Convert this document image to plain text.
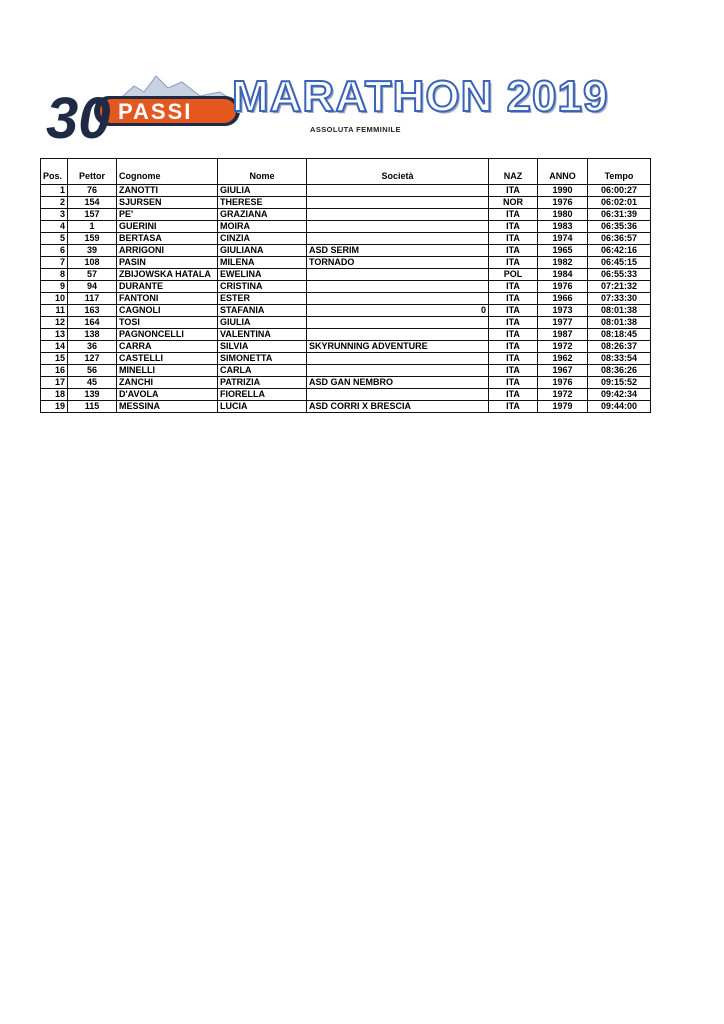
30 PASSI MARATHON 2019
ASSOLUTA FEMMINILE
Pos.	Pettor	Cognome	Nome	Società	NAZ	ANNO	Tempo
1	76	ZANOTTI	GIULIA		ITA	1990	06:00:27
2	154	SJURSEN	THERESE		NOR	1976	06:02:01
3	157	PE'	GRAZIANA		ITA	1980	06:31:39
4	1	GUERINI	MOIRA		ITA	1983	06:35:36
5	159	BERTASA	CINZIA		ITA	1974	06:36:57
6	39	ARRIGONI	GIULIANA	ASD SERIM	ITA	1965	06:42:16
7	108	PASIN	MILENA	TORNADO	ITA	1982	06:45:15
8	57	ZBIJOWSKA HATALA	EWELINA		POL	1984	06:55:33
9	94	DURANTE	CRISTINA		ITA	1976	07:21:32
10	117	FANTONI	ESTER		ITA	1966	07:33:30
11	163	CAGNOLI	STAFANIA	0	ITA	1973	08:01:38
12	164	TOSI	GIULIA		ITA	1977	08:01:38
13	138	PAGNONCELLI	VALENTINA		ITA	1987	08:18:45
14	36	CARRA	SILVIA	SKYRUNNING ADVENTURE	ITA	1972	08:26:37
15	127	CASTELLI	SIMONETTA		ITA	1962	08:33:54
16	56	MINELLI	CARLA		ITA	1967	08:36:26
17	45	ZANCHI	PATRIZIA	ASD GAN NEMBRO	ITA	1976	09:15:52
18	139	D'AVOLA	FIORELLA		ITA	1972	09:42:34
19	115	MESSINA	LUCIA	ASD CORRI X BRESCIA	ITA	1979	09:44:00
